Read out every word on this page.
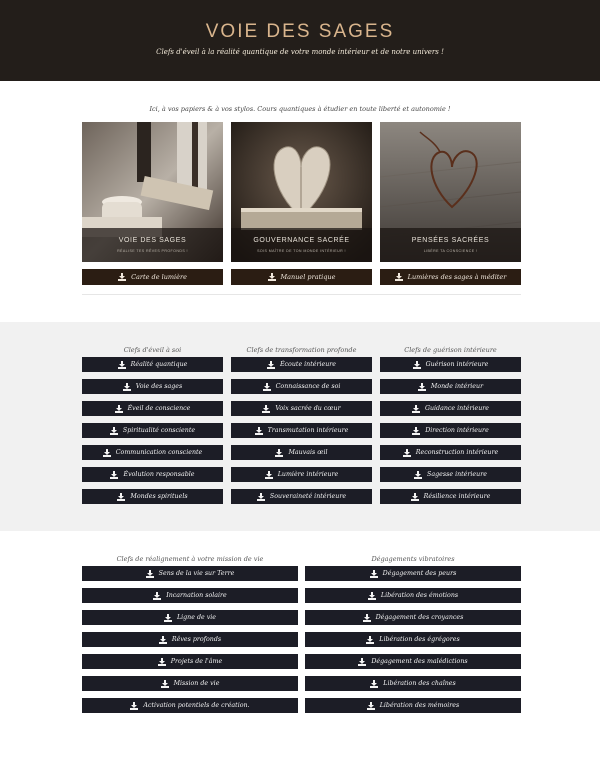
VOIE DES SAGES
Clefs d'éveil à la réalité quantique de votre monde intérieur et de notre univers !
Ici, à vos papiers & à vos stylos. Cours quantiques à étudier en toute liberté et autonomie !
VOIE DES SAGES
RÉALISE TES RÊVES PROFONDS !
Carte de lumière
GOUVERNANCE SACRÉE
SOIS MAÎTRE DE TON MONDE INTÉRIEUR !
Manuel pratique
PENSÉES SACRÉES
LIBÈRE TA CONSCIENCE !
Lumières des sages à méditer
Clefs d'éveil à soi
Réalité quantique
Voie des sages
Éveil de conscience
Spiritualité consciente
Communication consciente
Évolution responsable
Mondes spirituels
Clefs de transformation profonde
Écoute intérieure
Connaissance de soi
Voix sacrée du cœur
Transmutation intérieure
Mauvais œil
Lumière intérieure
Souveraineté intérieure
Clefs de guérison intérieure
Guérison intérieure
Monde intérieur
Guidance intérieure
Direction intérieure
Reconstruction intérieure
Sagesse intérieure
Résilience intérieure
Clefs de réalignement à votre mission de vie
Sens de la vie sur Terre
Incarnation solaire
Ligne de vie
Rêves profonds
Projets de l'âme
Mission de vie
Activation potentiels de création.
Dégagements vibratoires
Dégagement des peurs
Libération des émotions
Dégagement des croyances
Libération des égrégores
Dégagement des malédictions
Libération des chaînes
Libération des mémoires
